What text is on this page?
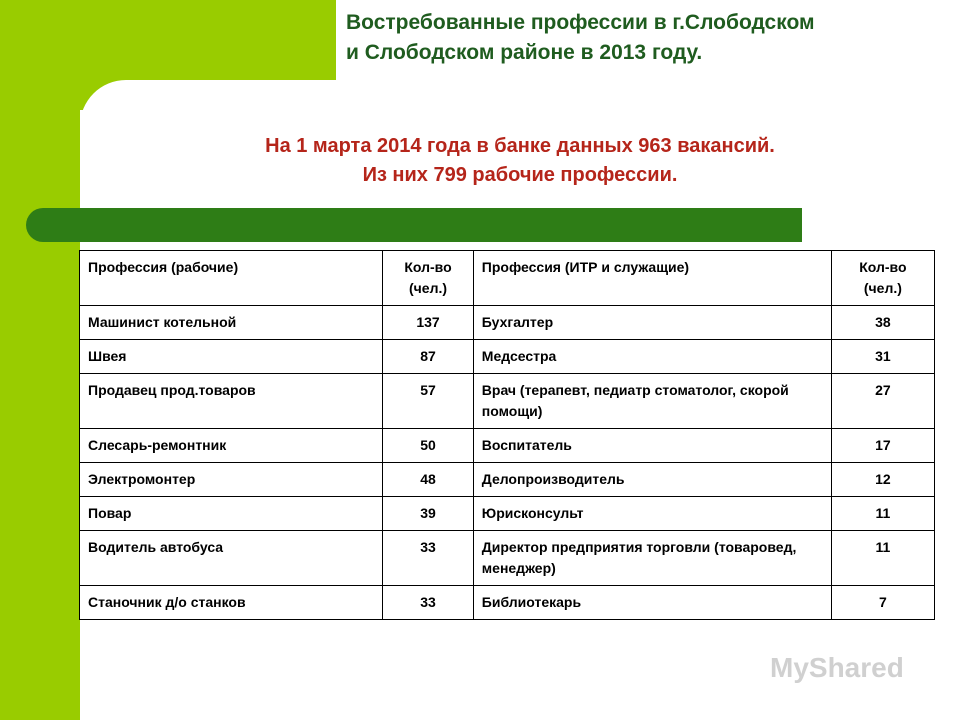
Востребованные профессии в г.Слободском
и Слободском районе в 2013 году.

На 1 марта 2014 года в банке данных 963 вакансий.
Из них 799 рабочие профессии.

Профессия (рабочие)	Кол-во (чел.)	Профессия (ИТР и служащие)	Кол-во (чел.)
Машинист котельной	137	Бухгалтер	38
Швея	87	Медсестра	31
Продавец прод.товаров	57	Врач (терапевт, педиатр стоматолог, скорой помощи)	27
Слесарь-ремонтник	50	Воспитатель	17
Электромонтер	48	Делопроизводитель	12
Повар	39	Юрисконсульт	11
Водитель автобуса	33	Директор предприятия торговли (товаровед, менеджер)	11
Станочник д/о станков	33	Библиотекарь	7
MyShared
